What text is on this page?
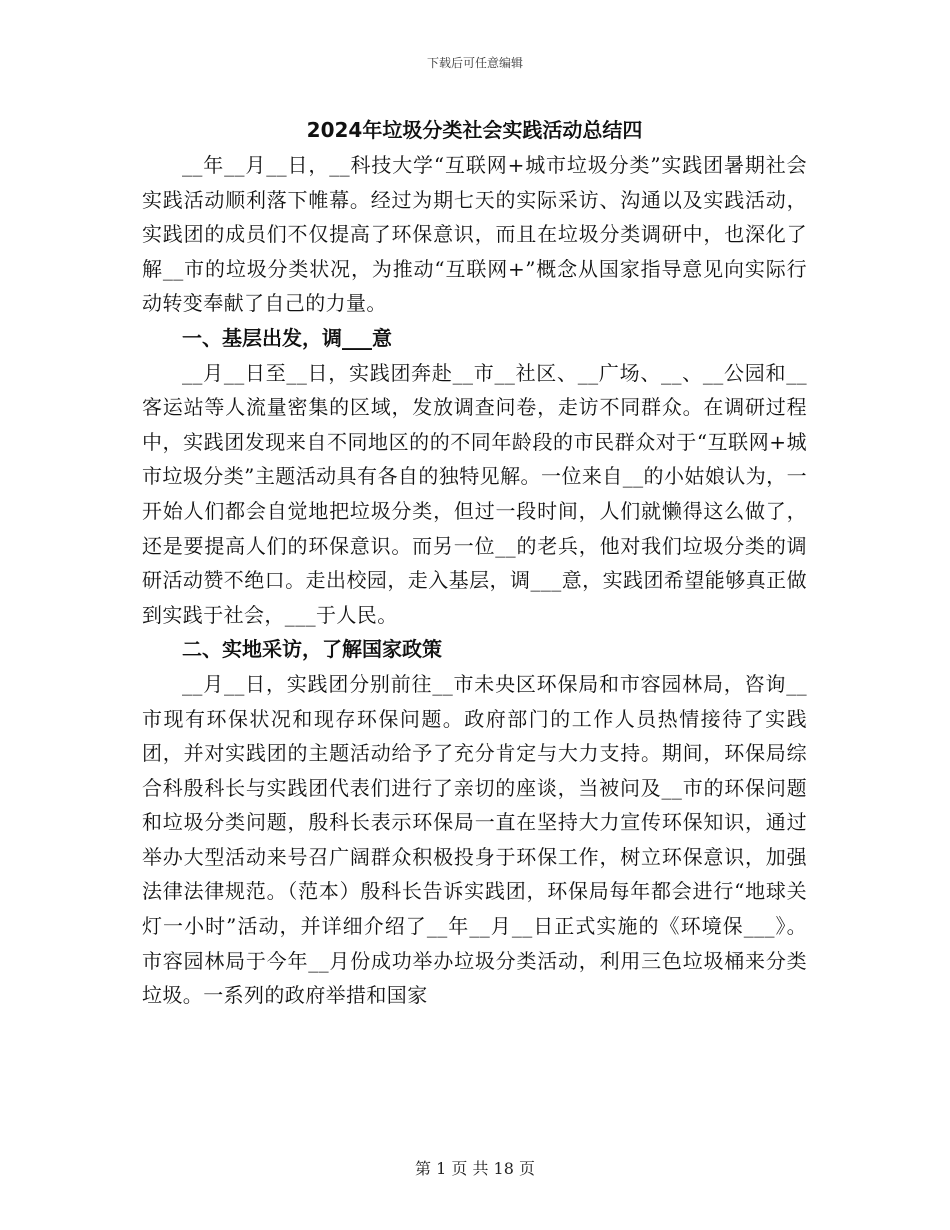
下载后可任意编辑
2024年垃圾分类社会实践活动总结四

__年__月__日，__科技大学“互联网+城市垃圾分类”实践团暑期社会实践活动顺利落下帷幕。经过为期七天的实际采访、沟通以及实践活动，实践团的成员们不仅提高了环保意识，而且在垃圾分类调研中，也深化了解__市的垃圾分类状况，为推动“互联网+”概念从国家指导意见向实际行动转变奉献了自己的力量。

一、基层出发，调___意

__月__日至__日，实践团奔赴__市__社区、__广场、__、__公园和__客运站等人流量密集的区域，发放调查问卷，走访不同群众。在调研过程中，实践团发现来自不同地区的的不同年龄段的市民群众对于“互联网+城市垃圾分类”主题活动具有各自的独特见解。一位来自__的小姑娘认为，一开始人们都会自觉地把垃圾分类，但过一段时间，人们就懒得这么做了，还是要提高人们的环保意识。而另一位__的老兵，他对我们垃圾分类的调研活动赞不绝口。走出校园，走入基层，调___意，实践团希望能够真正做到实践于社会，___于人民。

二、实地采访，了解国家政策

__月__日，实践团分别前往__市未央区环保局和市容园林局，咨询__市现有环保状况和现存环保问题。政府部门的工作人员热情接待了实践团，并对实践团的主题活动给予了充分肯定与大力支持。期间，环保局综合科殷科长与实践团代表们进行了亲切的座谈，当被问及__市的环保问题和垃圾分类问题，殷科长表示环保局一直在坚持大力宣传环保知识，通过举办大型活动来号召广阔群众积极投身于环保工作，树立环保意识，加强法律法律规范。（范本）殷科长告诉实践团，环保局每年都会进行“地球关灯一小时”活动，并详细介绍了__年__月__日正式实施的《环境保___》。市容园林局于今年__月份成功举办垃圾分类活动，利用三色垃圾桶来分类垃圾。一系列的政府举措和国家

第 1 页 共 18 页
